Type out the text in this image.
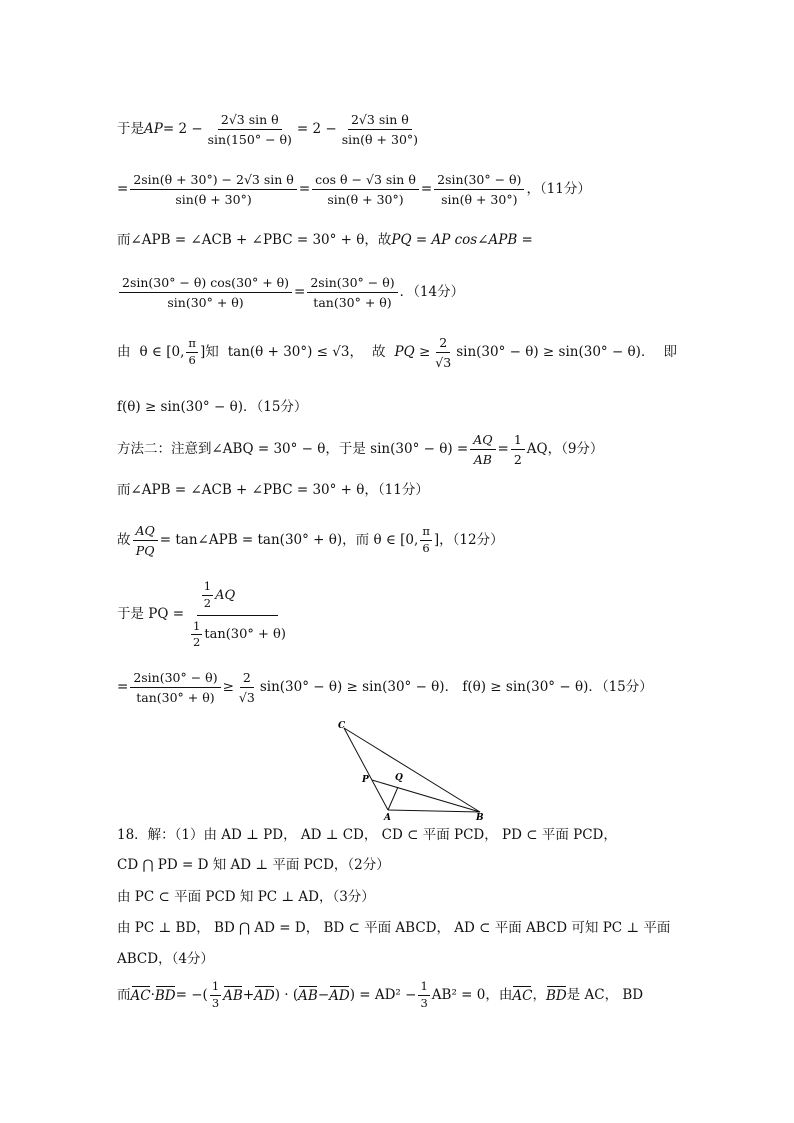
于是 AP = $2 - \frac{\text{2√3 sin θ}}{\sin(150^\circ - \theta)} = 2 - \frac{\text{2√3 sin θ}}{\sin(\theta + 30^\circ)}$
= $\frac{\text{2sin(θ + 30°) − 2√3 sin θ}}{\sin(\theta + 30^\circ)} = \frac{\text{cos θ − √3 sin θ}}{\sin(\theta + 30^\circ)} = \frac{2\sin(30^\circ - \theta)}{\sin(\theta + 30^\circ)}$ ，（11分）
而∠APB = ∠ACB + ∠PBC = 30° + θ，故 PQ = AP cos∠APB =
$\frac{2\sin(30^\circ - \theta) \cos(30^\circ + \theta)}{\sin(30^\circ + \theta)} = \frac{2\sin(30^\circ - \theta)}{\tan(30^\circ + \theta)}$ ．（14分）
由 θ ∈ [0, $\frac{\pi}{6}$ ]知 tan(θ + 30°) ≤ √3， 故 PQ ≥ $\frac{2}{√3} \sin(30^\circ - \theta) \ge \sin(30^\circ - \theta)$． 即
f(θ) ≥ sin(30° − θ)．（15分）
方法二：注意到∠ABQ = 30° − θ，于是 $\sin(30^\circ - \theta) = \frac{AQ}{AB} = \frac{1}{2}$ AQ，（9分）
而∠APB = ∠ACB + ∠PBC = 30° + θ，（11分）
故 $\frac{AQ}{PQ}$ = tan∠APB = tan(30° + θ)，而 θ ∈ [0, $\frac{\pi}{6}$ ]，（12分）
于是 PQ = $\frac{\frac{1}{2} AQ}{\frac{1}{2} \tan(30^\circ + \theta)}$
= $\frac{2\sin(30^\circ - \theta)}{\tan(30^\circ + \theta)} \ge \frac{2}{√3} \sin(30^\circ - \theta) \ge \sin(30^\circ - \theta)$． f(θ) ≥ sin(30° − θ)．（15分）
C
P	Q
A	B
18．解：（1）由 AD ⊥ PD， AD ⊥ CD， CD ⊂ 平面 PCD， PD ⊂ 平面 PCD，
CD ⋂ PD = D 知 AD ⊥ 平面 PCD，（2分）
由 PC ⊂ 平面 PCD 知 PC ⊥ AD，（3分）
由 PC ⊥ BD， BD ⋂ AD = D， BD ⊂ 平面 ABCD， AD ⊂ 平面 ABCD 可知 PC ⊥ 平面
ABCD，（4分）
而 AC · BD = −( $\frac{1}{3}$ AB + AD ) · ( AB − AD ) = $AD^2 - \frac{1}{3} AB^2 = 0$，由 AC ， BD 是 AC， BD
